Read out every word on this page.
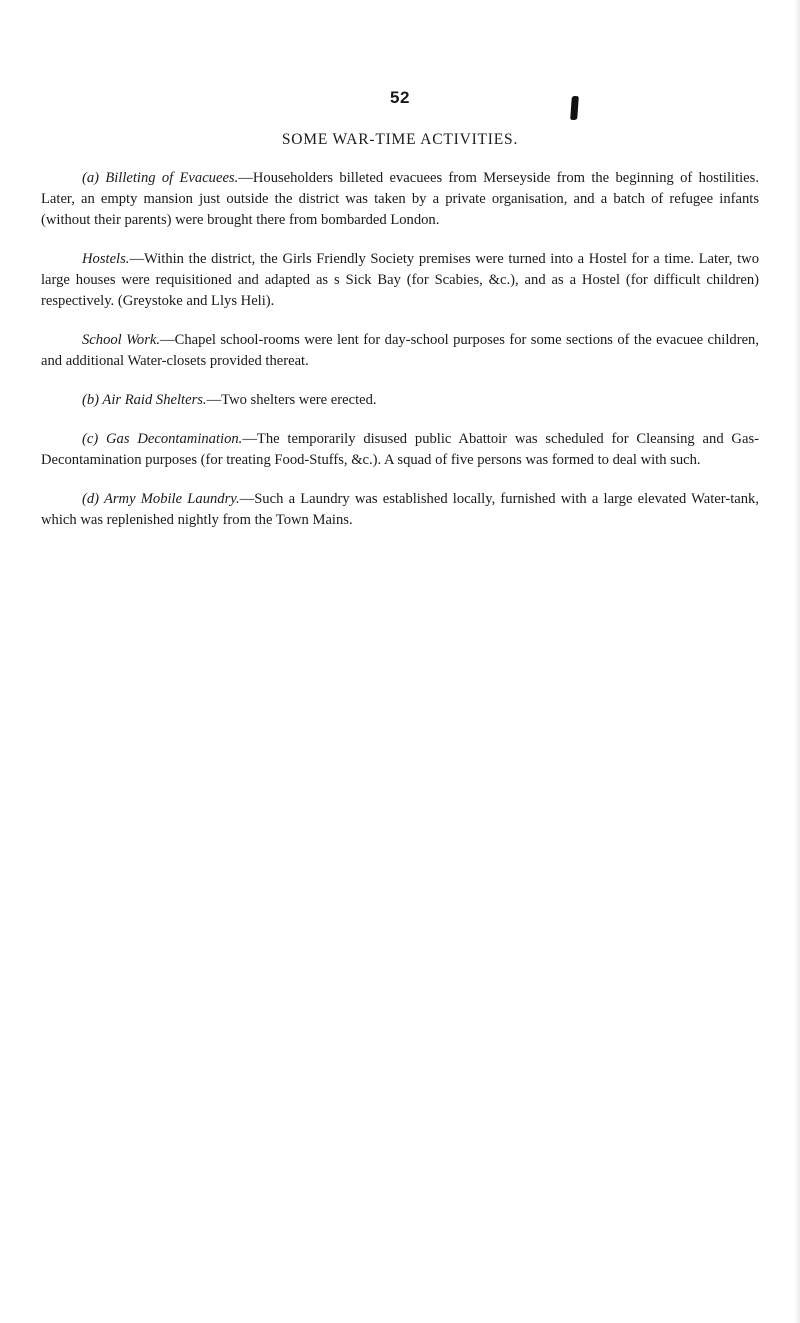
52
SOME WAR-TIME ACTIVITIES.

(a) Billeting of Evacuees.—Householders billeted evacuees from Merseyside from the beginning of hostilities. Later, an empty mansion just outside the district was taken by a private organisation, and a batch of refugee infants (without their parents) were brought there from bombarded London.

Hostels.—Within the district, the Girls Friendly Society premises were turned into a Hostel for a time. Later, two large houses were requisitioned and adapted as s Sick Bay (for Scabies, &c.), and as a Hostel (for difficult children) respectively. (Greystoke and Llys Heli).

School Work.—Chapel school-rooms were lent for day-school purposes for some sections of the evacuee children, and additional Water-closets provided thereat.

(b) Air Raid Shelters.—Two shelters were erected.

(c) Gas Decontamination.—The temporarily disused public Abattoir was scheduled for Cleansing and Gas-Decontamination purposes (for treating Food-Stuffs, &c.). A squad of five persons was formed to deal with such.

(d) Army Mobile Laundry.—Such a Laundry was established locally, furnished with a large elevated Water-tank, which was replenished nightly from the Town Mains.
